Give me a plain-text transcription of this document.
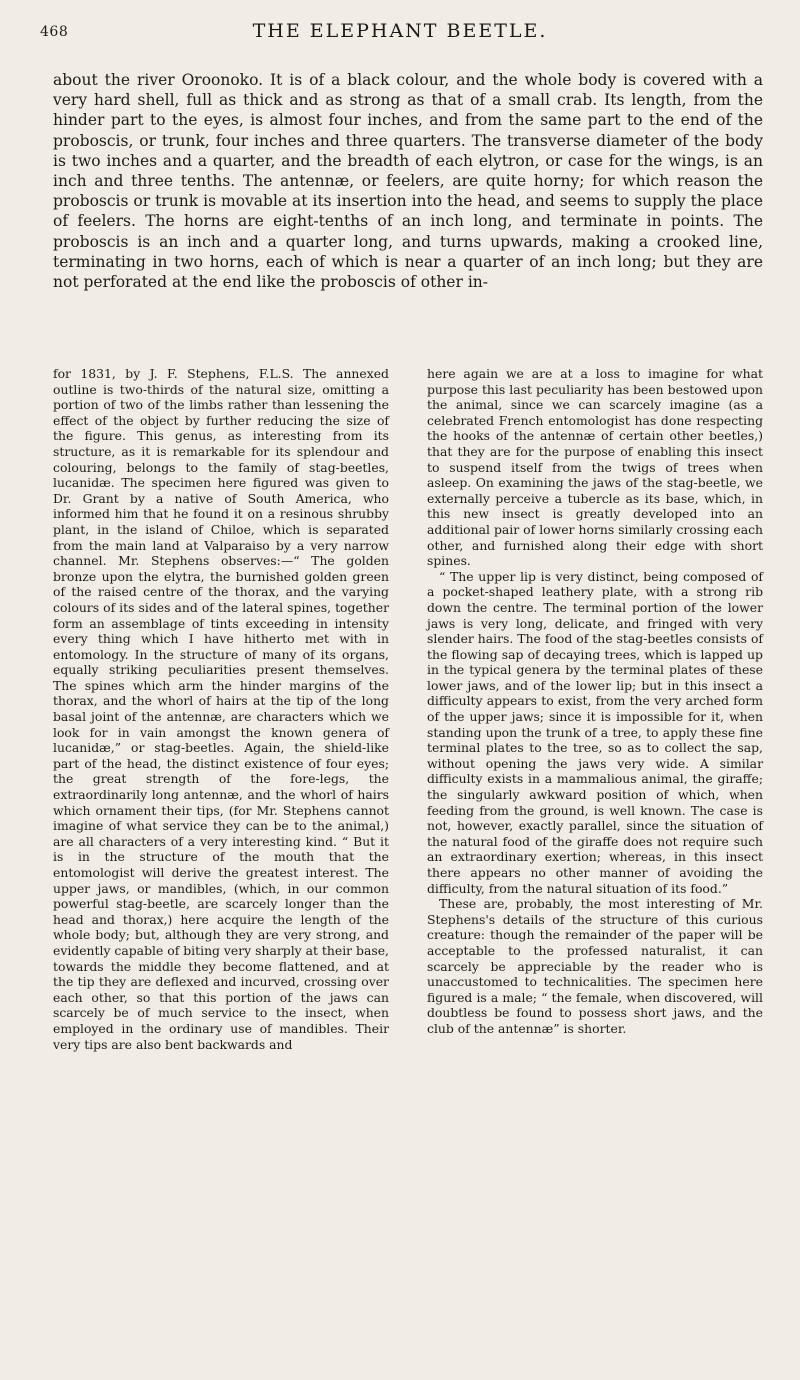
468	THE ELEPHANT BEETLE.

about the river Oroonoko. It is of a black colour, and the whole body is covered with a very hard shell, full as thick and as strong as that of a small crab. Its length, from the hinder part to the eyes, is almost four inches, and from the same part to the end of the proboscis, or trunk, four inches and three quarters. The transverse diameter of the body is two inches and a quarter, and the breadth of each elytron, or case for the wings, is an inch and three tenths. The antennæ, or feelers, are quite horny; for which reason the proboscis or trunk is movable at its insertion into the head, and seems to supply the place of feelers. The horns are eight-tenths of an inch long, and terminate in points. The proboscis is an inch and a quarter long, and turns upwards, making a crooked line, terminating in two horns, each of which is near a quarter of an inch long; but they are not perforated at the end like the proboscis of other in-

for 1831, by J. F. Stephens, F.L.S. The annexed outline is two-thirds of the natural size, omitting a portion of two of the limbs rather than lessening the effect of the object by further reducing the size of the figure. This genus, as interesting from its structure, as it is remarkable for its splendour and colouring, belongs to the family of stag-beetles, lucanidæ. The specimen here figured was given to Dr. Grant by a native of South America, who informed him that he found it on a resinous shrubby plant, in the island of Chiloe, which is separated from the main land at Valparaiso by a very narrow channel. Mr. Stephens observes:—“ The golden bronze upon the elytra, the burnished golden green of the raised centre of the thorax, and the varying colours of its sides and of the lateral spines, together form an assemblage of tints exceeding in intensity every thing which I have hitherto met with in entomology. In the structure of many of its organs, equally striking peculiarities present themselves. The spines which arm the hinder margins of the thorax, and the whorl of hairs at the tip of the long basal joint of the antennæ, are characters which we look for in vain amongst the known genera of lucanidæ,” or stag-beetles. Again, the shield-like part of the head, the distinct existence of four eyes; the great strength of the fore-legs, the extraordinarily long antennæ, and the whorl of hairs which ornament their tips, (for Mr. Stephens cannot imagine of what service they can be to the animal,) are all characters of a very interesting kind. “ But it is in the structure of the mouth that the entomologist will derive the greatest interest. The upper jaws, or mandibles, (which, in our common powerful stag-beetle, are scarcely longer than the head and thorax,) here acquire the length of the whole body; but, although they are very strong, and evidently capable of biting very sharply at their base, towards the middle they become flattened, and at the tip they are deflexed and incurved, crossing over each other, so that this portion of the jaws can scarcely be of much service to the insect, when employed in the ordinary use of mandibles. Their very tips are also bent backwards and

here again we are at a loss to imagine for what purpose this last peculiarity has been bestowed upon the animal, since we can scarcely imagine (as a celebrated French entomologist has done respecting the hooks of the antennæ of certain other beetles,) that they are for the purpose of enabling this insect to suspend itself from the twigs of trees when asleep. On examining the jaws of the stag-beetle, we externally perceive a tubercle as its base, which, in this new insect is greatly developed into an additional pair of lower horns similarly crossing each other, and furnished along their edge with short spines.

“ The upper lip is very distinct, being composed of a pocket-shaped leathery plate, with a strong rib down the centre. The terminal portion of the lower jaws is very long, delicate, and fringed with very slender hairs. The food of the stag-beetles consists of the flowing sap of decaying trees, which is lapped up in the typical genera by the terminal plates of these lower jaws, and of the lower lip; but in this insect a difficulty appears to exist, from the very arched form of the upper jaws; since it is impossible for it, when standing upon the trunk of a tree, to apply these fine terminal plates to the tree, so as to collect the sap, without opening the jaws very wide. A similar difficulty exists in a mammalious animal, the giraffe; the singularly awkward position of which, when feeding from the ground, is well known. The case is not, however, exactly parallel, since the situation of the natural food of the giraffe does not require such an extraordinary exertion; whereas, in this insect there appears no other manner of avoiding the difficulty, from the natural situation of its food.”

These are, probably, the most interesting of Mr. Stephens's details of the structure of this curious creature: though the remainder of the paper will be acceptable to the professed naturalist, it can scarcely be appreciable by the reader who is unaccustomed to technicalities. The specimen here figured is a male; “ the female, when discovered, will doubtless be found to possess short jaws, and the club of the antennæ” is shorter.
